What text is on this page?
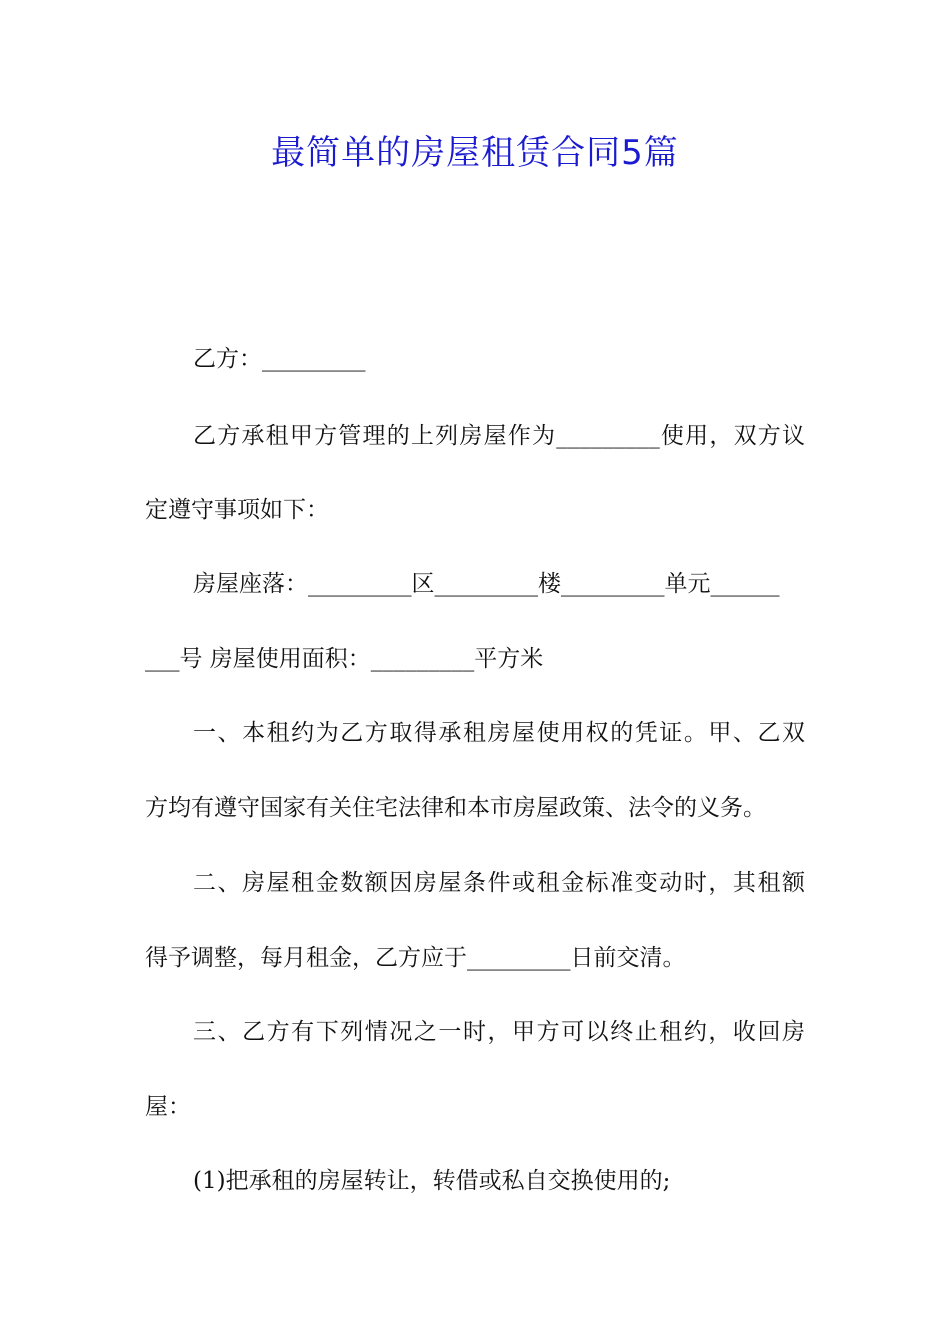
最简单的房屋租赁合同5篇
乙方：_________
乙方承租甲方管理的上列房屋作为_________使用，双方议
定遵守事项如下：
房屋座落：_________区_________楼_________单元______
___号 房屋使用面积：_________平方米
一、本租约为乙方取得承租房屋使用权的凭证。甲、乙双
方均有遵守国家有关住宅法律和本市房屋政策、法令的义务。
二、房屋租金数额因房屋条件或租金标准变动时，其租额
得予调整，每月租金，乙方应于_________日前交清。
三、乙方有下列情况之一时，甲方可以终止租约，收回房
屋：
(1)把承租的房屋转让，转借或私自交换使用的;
